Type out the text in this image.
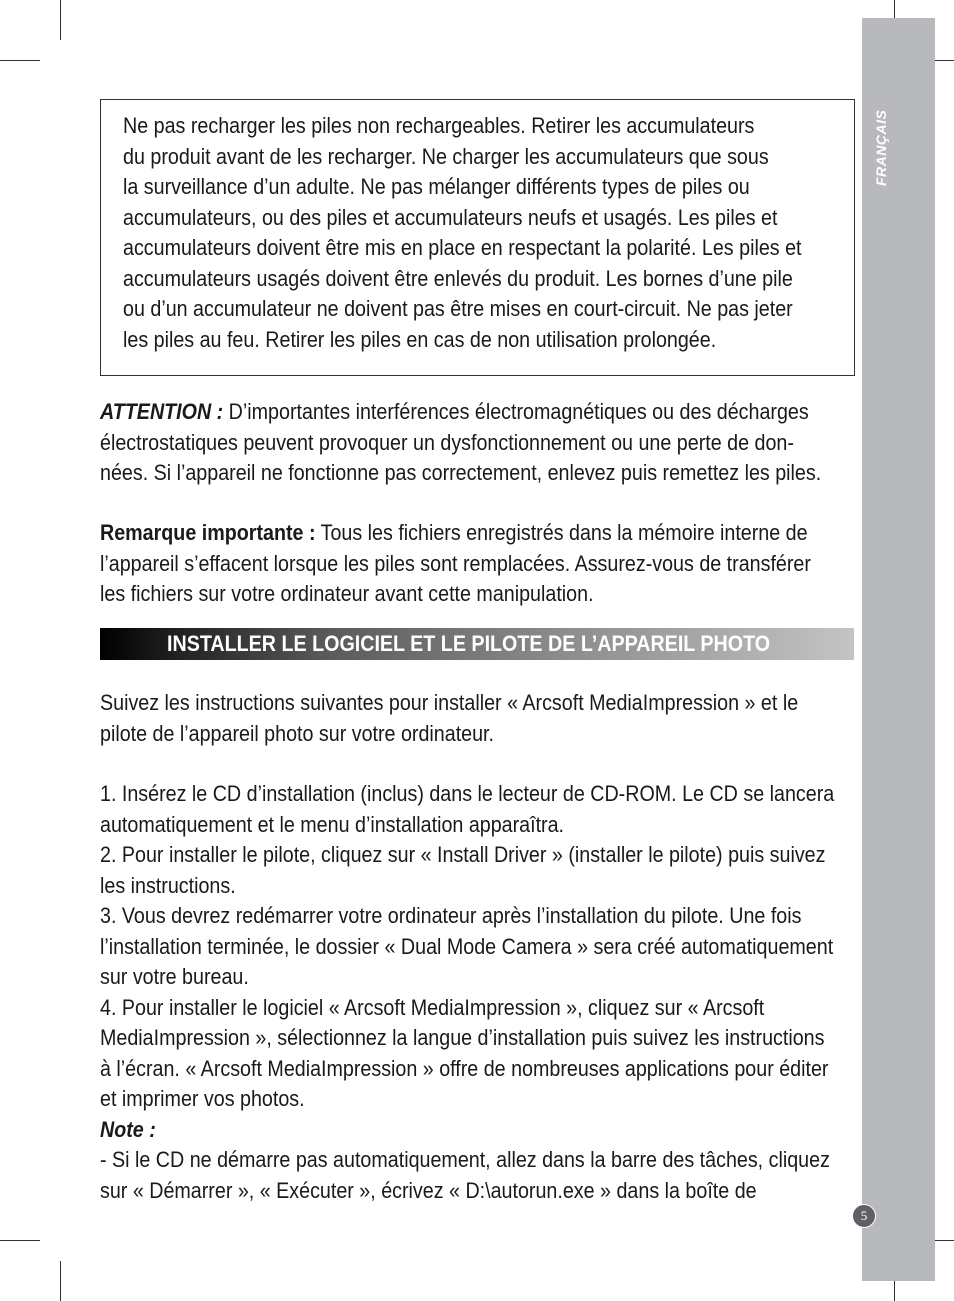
FRANÇAIS
5
Ne pas recharger les piles non rechargeables. Retirer les accumulateurs
du produit avant de les recharger. Ne charger les accumulateurs que sous
la surveillance d’un adulte. Ne pas mélanger différents types de piles ou
accumulateurs, ou des piles et accumulateurs neufs et usagés. Les piles et
accumulateurs doivent être mis en place en respectant la polarité. Les piles et
accumulateurs usagés doivent être enlevés du produit. Les bornes d’une pile
ou d’un accumulateur ne doivent pas être mises en court-circuit. Ne pas jeter
les piles au feu. Retirer les piles en cas de non utilisation prolongée.
ATTENTION : D’importantes interférences électromagnétiques ou des décharges
électrostatiques peuvent provoquer un dysfonctionnement ou une perte de don-
nées. Si l’appareil ne fonctionne pas correctement, enlevez puis remettez les piles.
Remarque importante : Tous les fichiers enregistrés dans la mémoire interne de
l’appareil s’effacent lorsque les piles sont remplacées. Assurez-vous de transférer
les fichiers sur votre ordinateur avant cette manipulation.
INSTALLER LE LOGICIEL ET LE PILOTE DE L’APPAREIL PHOTO
Suivez les instructions suivantes pour installer « Arcsoft MediaImpression » et le
pilote de l’appareil photo sur votre ordinateur.
1. Insérez le CD d’installation (inclus) dans le lecteur de CD-ROM. Le CD se lancera
automatiquement et le menu d’installation apparaîtra.
2. Pour installer le pilote, cliquez sur « Install Driver » (installer le pilote) puis suivez
les instructions.
3. Vous devrez redémarrer votre ordinateur après l’installation du pilote. Une fois
l’installation terminée, le dossier « Dual Mode Camera » sera créé automatiquement
sur votre bureau.
4. Pour installer le logiciel « Arcsoft MediaImpression », cliquez sur « Arcsoft
MediaImpression », sélectionnez la langue d’installation puis suivez les instructions
à l’écran. « Arcsoft MediaImpression » offre de nombreuses applications pour éditer
et imprimer vos photos.
Note :
- Si le CD ne démarre pas automatiquement, allez dans la barre des tâches, cliquez
sur « Démarrer », « Exécuter », écrivez « D:\autorun.exe » dans la boîte de
